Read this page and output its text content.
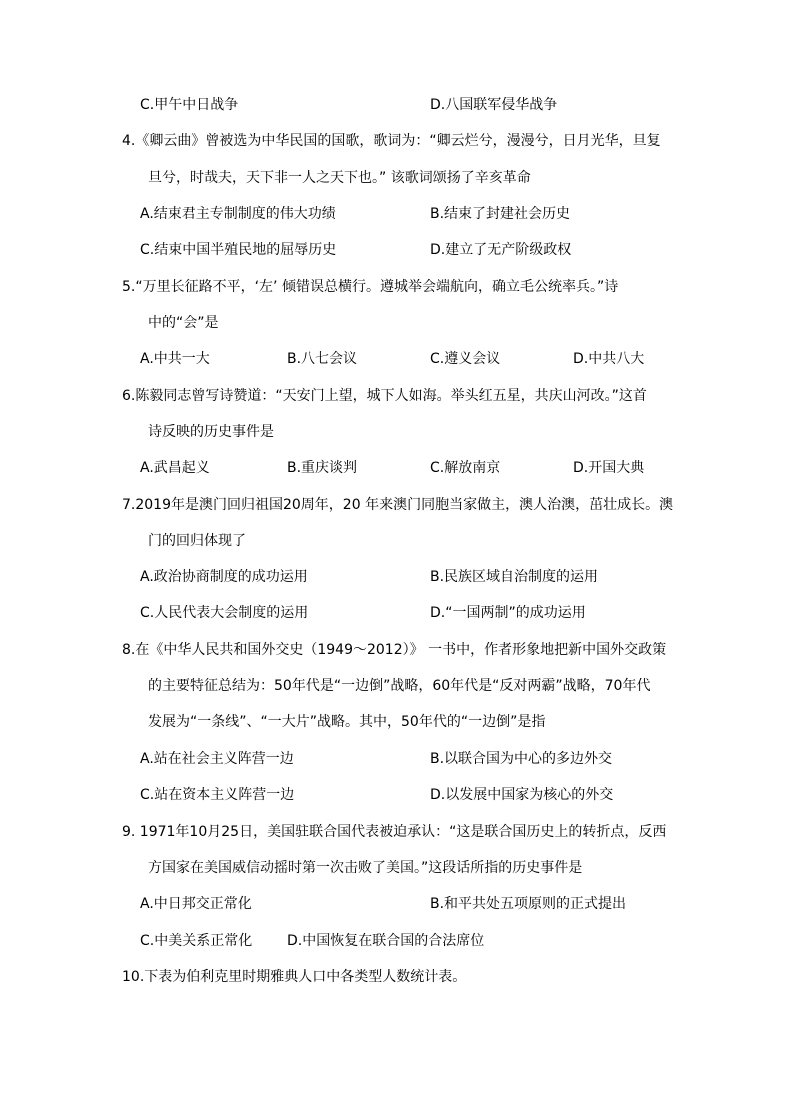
C.甲午中日战争	D.八国联军侵华战争
4.《卿云曲》曾被选为中华民国的国歌，歌词为：“卿云烂兮，漫漫兮，日月光华，旦复
旦兮，时哉夫，天下非一人之天下也。” 该歌词颂扬了辛亥革命
A.结束君主专制制度的伟大功绩	B.结束了封建社会历史
C.结束中国半殖民地的屈辱历史	D.建立了无产阶级政权
5.“万里长征路不平，‘左’ 倾错误总横行。遵城举会端航向，确立毛公统率兵。”诗
中的“会”是
A.中共一大	B.八七会议	C.遵义会议	D.中共八大
6.陈毅同志曾写诗赞道：“天安门上望，城下人如海。举头红五星，共庆山河改。”这首
诗反映的历史事件是
A.武昌起义	B.重庆谈判	C.解放南京	D.开国大典
7.2019年是澳门回归祖国20周年，20 年来澳门同胞当家做主，澳人治澳，茁壮成长。澳
门的回归体现了
A.政治协商制度的成功运用	B.民族区域自治制度的运用
C.人民代表大会制度的运用	D.“一国两制”的成功运用
8.在《中华人民共和国外交史（1949～2012）》 一书中，作者形象地把新中国外交政策
的主要特征总结为：50年代是“一边倒”战略，60年代是“反对两霸”战略，70年代
发展为“一条线”、“一大片”战略。其中，50年代的“一边倒”是指
A.站在社会主义阵营一边	B.以联合国为中心的多边外交
C.站在资本主义阵营一边	D.以发展中国家为核心的外交
9. 1971年10月25日，美国驻联合国代表被迫承认：“这是联合国历史上的转折点，反西
方国家在美国威信动摇时第一次击败了美国。”这段话所指的历史事件是
A.中日邦交正常化	B.和平共处五项原则的正式提出
C.中美关系正常化 D.中国恢复在联合国的合法席位
10.下表为伯利克里时期雅典人口中各类型人数统计表。
